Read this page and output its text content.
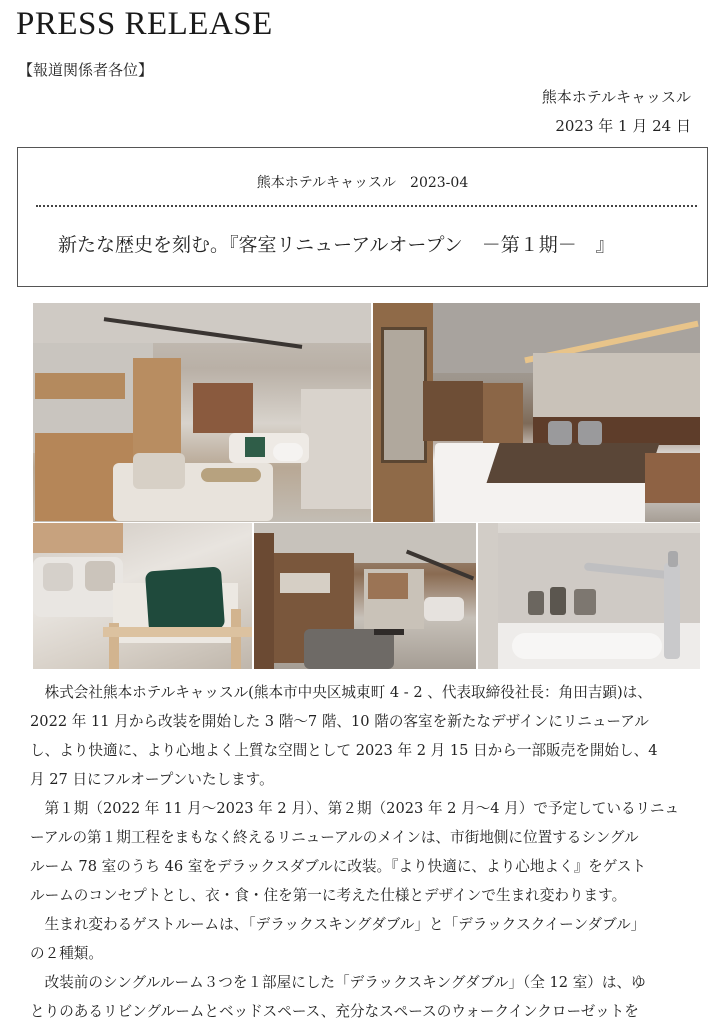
PRESS RELEASE
【報道関係者各位】
熊本ホテルキャッスル
2023 年 1 月 24 日
熊本ホテルキャッスル　2023-04
新たな歴史を刻む。『客室リニューアルオープン　－第１期－　』

株式会社熊本ホテルキャッスル(熊本市中央区城東町 4 - 2 、代表取締役社長：角田吉顕)は、

2022 年 11 月から改装を開始した 3 階〜7 階、10 階の客室を新たなデザインにリニューアル
し、より快適に、より心地よく上質な空間として 2023 年 2 月 15 日から一部販売を開始し、4
月 27 日にフルオープンいたします。

第１期（2022 年 11 月〜2023 年 2 月）、第２期（2023 年 2 月〜4 月）で予定しているリニュ

ーアルの第１期工程をまもなく終えるリニューアルのメインは、市街地側に位置するシングル
ルーム 78 室のうち 46 室をデラックスダブルに改装。『より快適に、より心地よく』をゲスト
ルームのコンセプトとし、衣・食・住を第一に考えた仕様とデザインで生まれ変わります。

生まれ変わるゲストルームは、「デラックスキングダブル」と「デラックスクイーンダブル」

の２種類。

改装前のシングルルーム３つを１部屋にした「デラックスキングダブル」（全 12 室）は、ゆ

とりのあるリビングルームとベッドスペース、充分なスペースのウォークインクローゼットを
